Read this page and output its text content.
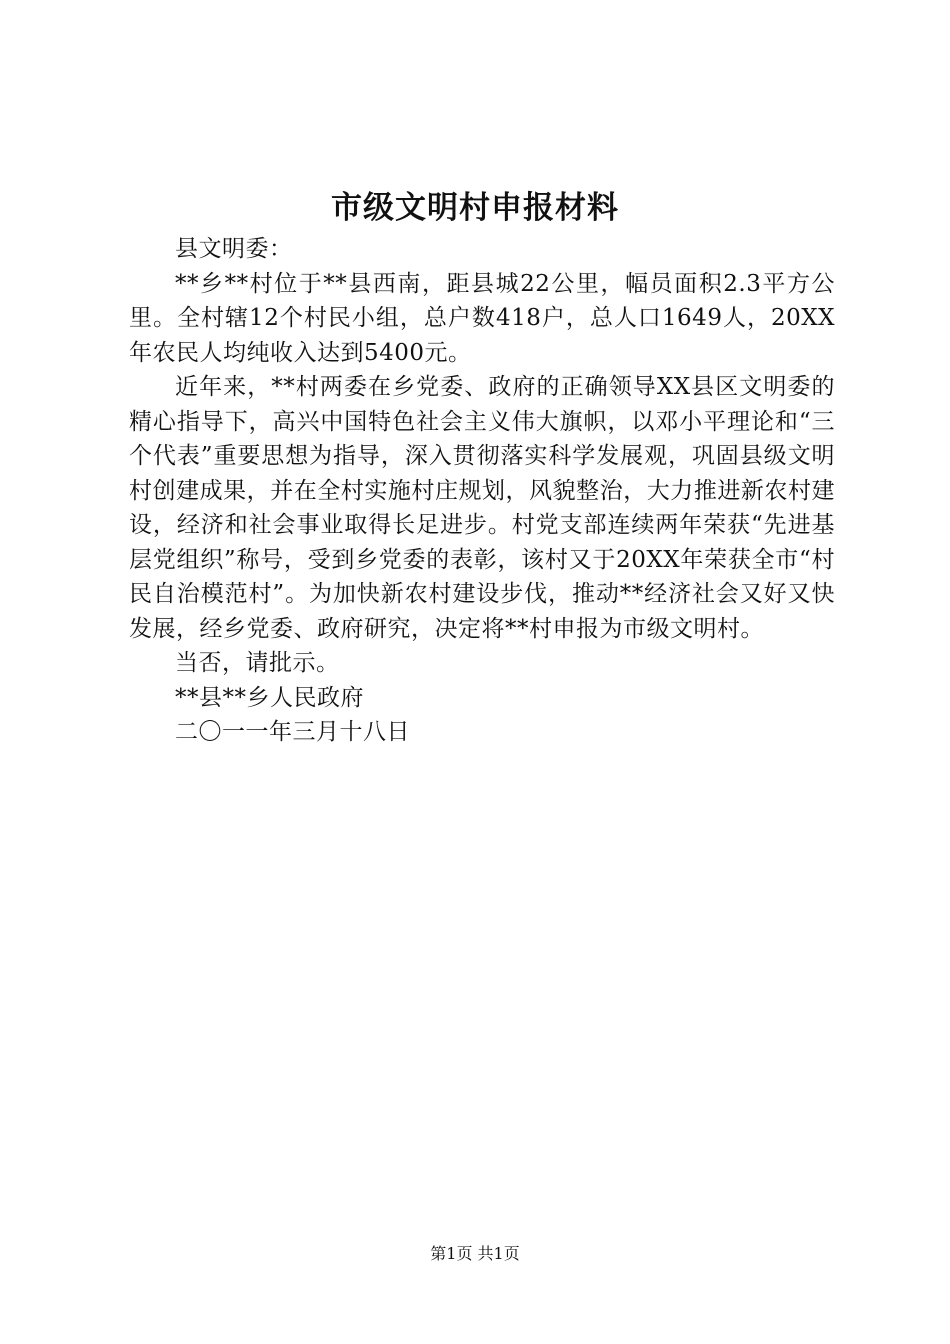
市级文明村申报材料

县文明委：

**乡**村位于**县西南，距县城22公里，幅员面积2.3平方公里。全村辖12个村民小组，总户数418户，总人口1649人，20XX年农民人均纯收入达到5400元。

近年来，**村两委在乡党委、政府的正确领导XX县区文明委的精心指导下，高兴中国特色社会主义伟大旗帜，以邓小平理论和“三个代表”重要思想为指导，深入贯彻落实科学发展观，巩固县级文明村创建成果，并在全村实施村庄规划，风貌整治，大力推进新农村建设，经济和社会事业取得长足进步。村党支部连续两年荣获“先进基层党组织”称号，受到乡党委的表彰，该村又于20XX年荣获全市“村民自治模范村”。为加快新农村建设步伐，推动**经济社会又好又快发展，经乡党委、政府研究，决定将**村申报为市级文明村。

当否，请批示。

**县**乡人民政府

二〇一一年三月十八日

第1页 共1页
